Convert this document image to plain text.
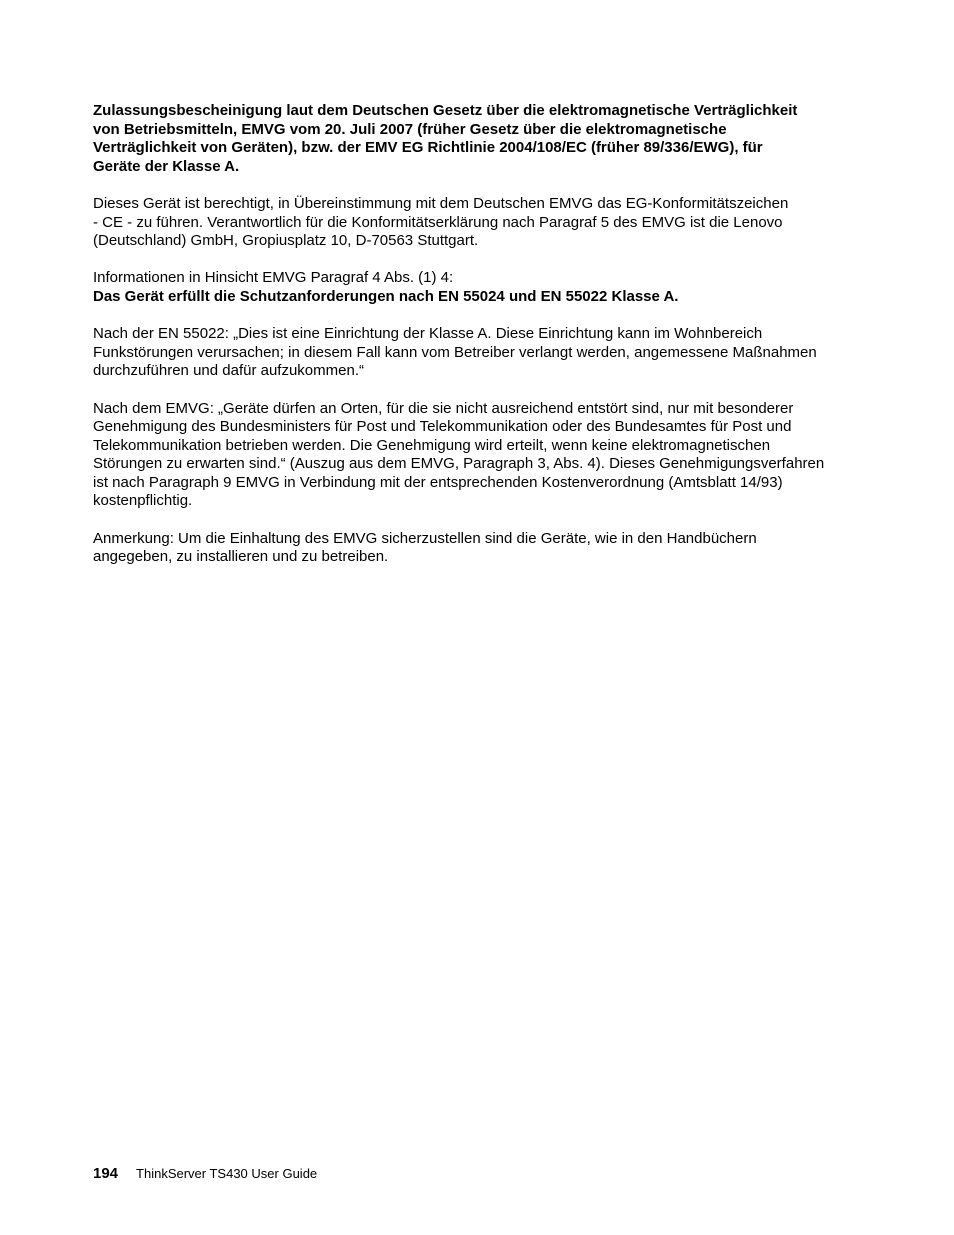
Zulassungsbescheinigung laut dem Deutschen Gesetz über die elektromagnetische Verträglichkeit
von Betriebsmitteln, EMVG vom 20. Juli 2007 (früher Gesetz über die elektromagnetische
Verträglichkeit von Geräten), bzw. der EMV EG Richtlinie 2004/108/EC (früher 89/336/EWG), für
Geräte der Klasse A.

Dieses Gerät ist berechtigt, in Übereinstimmung mit dem Deutschen EMVG das EG-Konformitätszeichen
- CE - zu führen. Verantwortlich für die Konformitätserklärung nach Paragraf 5 des EMVG ist die Lenovo
(Deutschland) GmbH, Gropiusplatz 10, D-70563 Stuttgart.

Informationen in Hinsicht EMVG Paragraf 4 Abs. (1) 4:

Das Gerät erfüllt die Schutzanforderungen nach EN 55024 und EN 55022 Klasse A.

Nach der EN 55022: „Dies ist eine Einrichtung der Klasse A. Diese Einrichtung kann im Wohnbereich
Funkstörungen verursachen; in diesem Fall kann vom Betreiber verlangt werden, angemessene Maßnahmen
durchzuführen und dafür aufzukommen.“

Nach dem EMVG: „Geräte dürfen an Orten, für die sie nicht ausreichend entstört sind, nur mit besonderer
Genehmigung des Bundesministers für Post und Telekommunikation oder des Bundesamtes für Post und
Telekommunikation betrieben werden. Die Genehmigung wird erteilt, wenn keine elektromagnetischen
Störungen zu erwarten sind.“ (Auszug aus dem EMVG, Paragraph 3, Abs. 4). Dieses Genehmigungsverfahren
ist nach Paragraph 9 EMVG in Verbindung mit der entsprechenden Kostenverordnung (Amtsblatt 14/93)
kostenpflichtig.

Anmerkung: Um die Einhaltung des EMVG sicherzustellen sind die Geräte, wie in den Handbüchern
angegeben, zu installieren und zu betreiben.

194 ThinkServer TS430 User Guide
